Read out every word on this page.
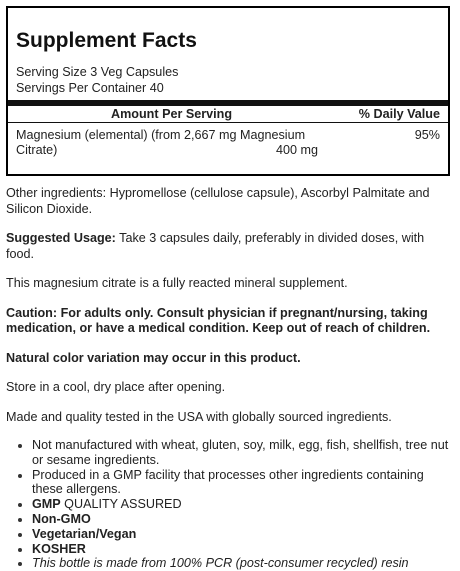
Supplement Facts
Serving Size 3 Veg Capsules
Servings Per Container 40
Amount Per Serving	% Daily Value
Magnesium (elemental) (from 2,667 mg Magnesium Citrate)	400 mg
95%

Other ingredients: Hypromellose (cellulose capsule), Ascorbyl Palmitate and Silicon Dioxide.

Suggested Usage: Take 3 capsules daily, preferably in divided doses, with food.

This magnesium citrate is a fully reacted mineral supplement.

Caution: For adults only. Consult physician if pregnant/nursing, taking medication, or have a medical condition. Keep out of reach of children.

Natural color variation may occur in this product.

Store in a cool, dry place after opening.

Made and quality tested in the USA with globally sourced ingredients.

• Not manufactured with wheat, gluten, soy, milk, egg, fish, shellfish, tree nut or sesame ingredients.
• Produced in a GMP facility that processes other ingredients containing these allergens.
• GMP QUALITY ASSURED
• Non-GMO
• Vegetarian/Vegan
• KOSHER
• This bottle is made from 100% PCR (post-consumer recycled) resin
